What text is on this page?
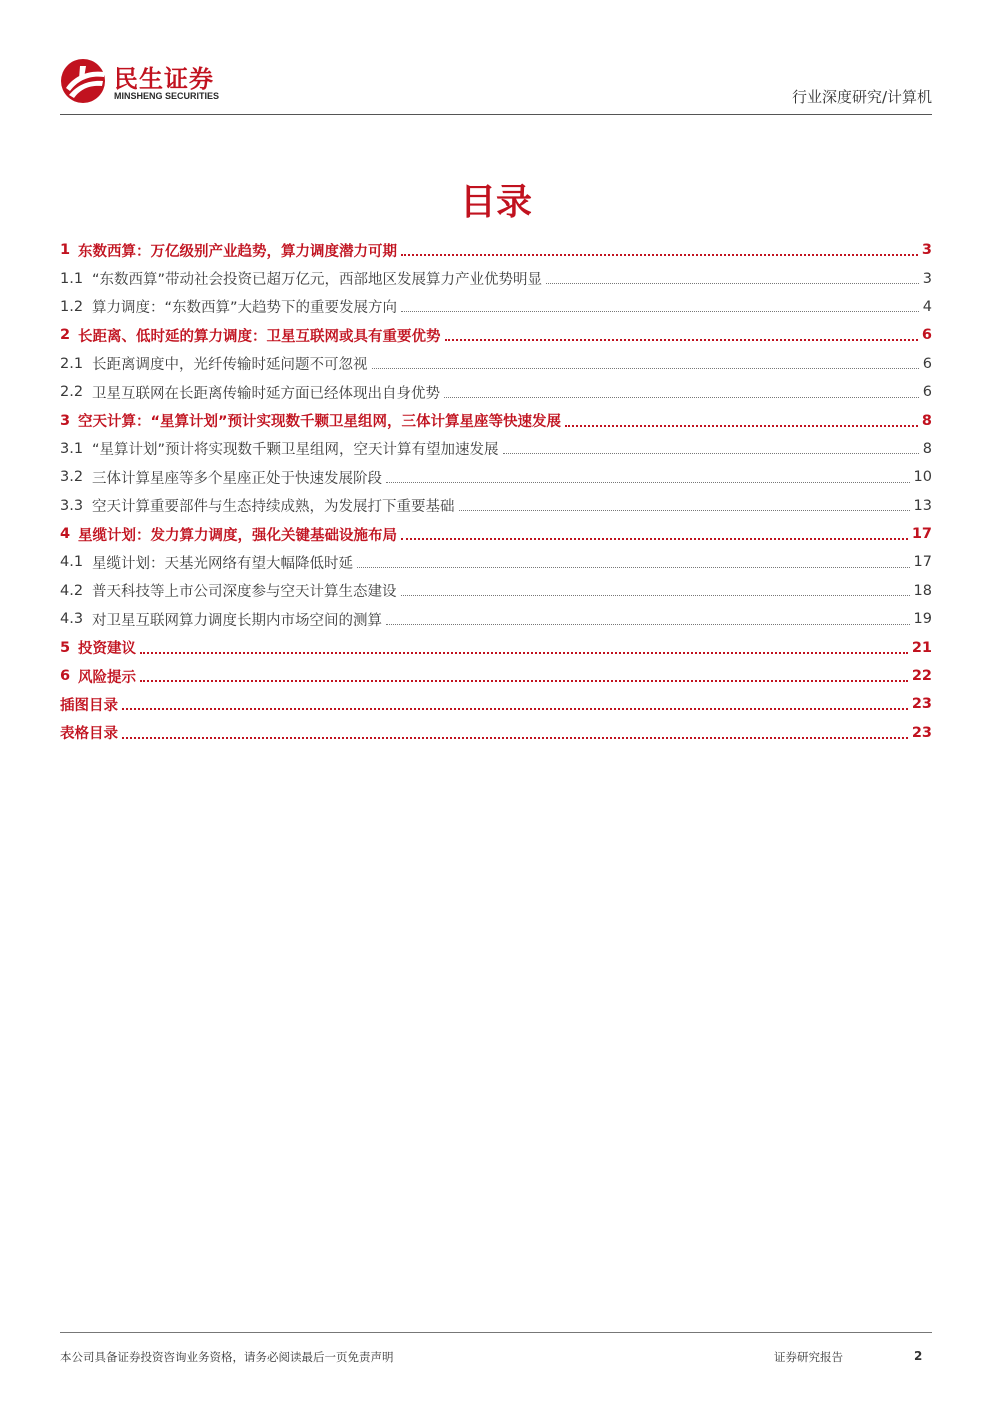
民生证券
MINSHENG SECURITIES	行业深度研究/计算机
目录
1 东数西算：万亿级别产业趋势，算力调度潜力可期	3
1.1 “东数西算”带动社会投资已超万亿元，西部地区发展算力产业优势明显	3
1.2 算力调度：“东数西算”大趋势下的重要发展方向	4
2 长距离、低时延的算力调度：卫星互联网或具有重要优势	6
2.1 长距离调度中，光纤传输时延问题不可忽视	6
2.2 卫星互联网在长距离传输时延方面已经体现出自身优势	6
3 空天计算：“星算计划”预计实现数千颗卫星组网，三体计算星座等快速发展	8
3.1 “星算计划”预计将实现数千颗卫星组网，空天计算有望加速发展	8
3.2 三体计算星座等多个星座正处于快速发展阶段	10
3.3 空天计算重要部件与生态持续成熟，为发展打下重要基础	13
4 星缆计划：发力算力调度，强化关键基础设施布局	17
4.1 星缆计划：天基光网络有望大幅降低时延	17
4.2 普天科技等上市公司深度参与空天计算生态建设	18
4.3 对卫星互联网算力调度长期内市场空间的测算	19
5 投资建议	21
6 风险提示	22
插图目录	23
表格目录	23
本公司具备证券投资咨询业务资格，请务必阅读最后一页免责声明	证券研究报告	2
